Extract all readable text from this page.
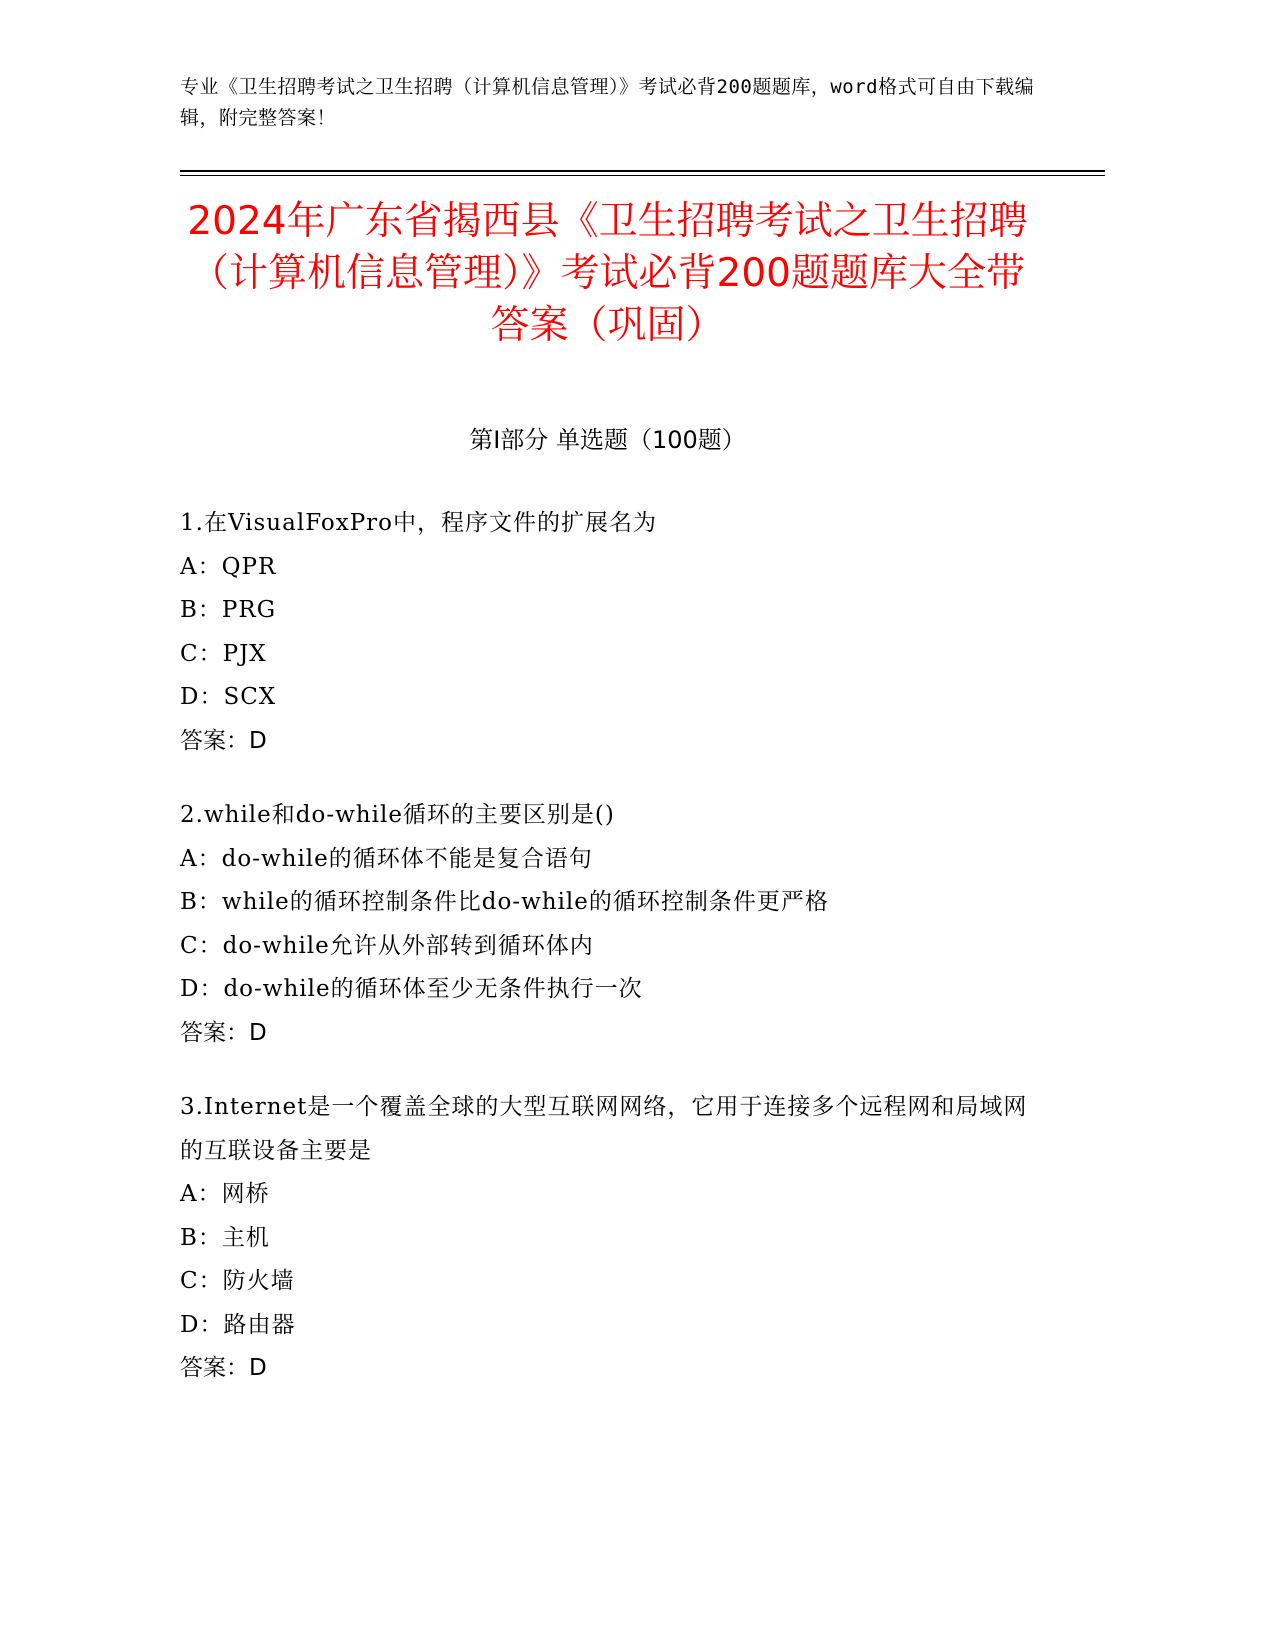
专业《卫生招聘考试之卫生招聘（计算机信息管理）》考试必背200题题库，word格式可自由下载编辑，附完整答案！
2024年广东省揭西县《卫生招聘考试之卫生招聘（计算机信息管理）》考试必背200题题库大全带答案（巩固）
第Ⅰ部分 单选题（100题）
1.在VisualFoxPro中，程序文件的扩展名为
A：QPR
B：PRG
C：PJX
D：SCX
答案：D
2.while和do-while循环的主要区别是()
A：do-while的循环体不能是复合语句
B：while的循环控制条件比do-while的循环控制条件更严格
C：do-while允许从外部转到循环体内
D：do-while的循环体至少无条件执行一次
答案：D
3.Internet是一个覆盖全球的大型互联网网络，它用于连接多个远程网和局域网的互联设备主要是
A：网桥
B：主机
C：防火墙
D：路由器
答案：D
